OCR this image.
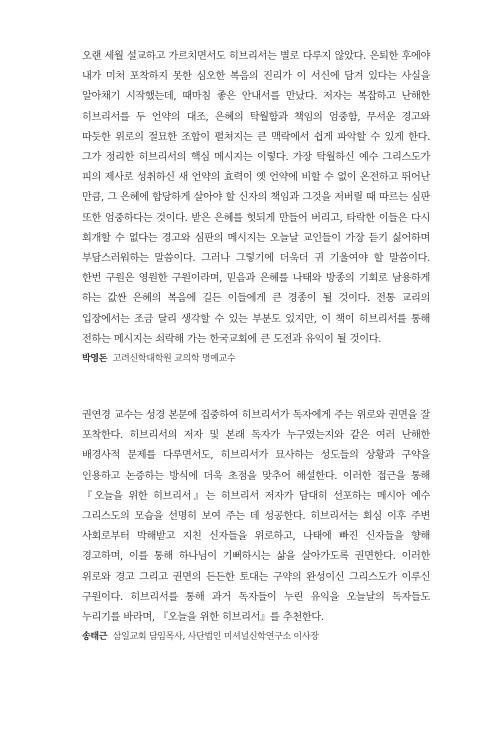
오랜 세월 설교하고 가르치면서도 히브리서는 별로 다루지 않았다. 은퇴한 후에야 내가 미처 포착하지 못한 심오한 복음의 진리가 이 서신에 담겨 있다는 사실을 알아채기 시작했는데, 때마침 좋은 안내서를 만났다. 저자는 복잡하고 난해한 히브리서를 두 언약의 대조, 은혜의 탁월함과 책임의 엄중함, 무서운 경고와 따듯한 위로의 절묘한 조합이 펼쳐지는 큰 맥락에서 쉽게 파악할 수 있게 한다. 그가 정리한 히브리서의 핵심 메시지는 이렇다. 가장 탁월하신 예수 그리스도가 피의 제사로 성취하신 새 언약의 효력이 옛 언약에 비할 수 없이 온전하고 뛰어난 만큼, 그 은혜에 합당하게 살아야 할 신자의 책임과 그것을 저버릴 때 따르는 심판 또한 엄중하다는 것이다. 받은 은혜를 헛되게 만들어 버리고, 타락한 이들은 다시 회개할 수 없다는 경고와 심판의 메시지는 오늘날 교인들이 가장 듣기 싫어하며 부담스러워하는 말씀이다. 그러나 그렇기에 더욱더 귀 기울여야 할 말씀이다. 한번 구원은 영원한 구원이라며, 믿음과 은혜를 나태와 방종의 기회로 남용하게 하는 값싼 은혜의 복음에 길든 이들에게 큰 경종이 될 것이다. 전통 교리의 입장에서는 조금 달리 생각할 수 있는 부분도 있지만, 이 책이 히브리서를 통해 전하는 메시지는 쇠락해 가는 한국교회에 큰 도전과 유익이 될 것이다.

박영돈 고려신학대학원 교의학 명예교수

권연경 교수는 성경 본문에 집중하여 히브리서가 독자에게 주는 위로와 권면을 잘 포착한다. 히브리서의 저자 및 본래 독자가 누구였는지와 같은 여러 난해한 배경사적 문제를 다루면서도, 히브리서가 묘사하는 성도들의 상황과 구약을 인용하고 논증하는 방식에 더욱 초점을 맞추어 해설한다. 이러한 접근을 통해 『오늘을 위한 히브리서』는 히브리서 저자가 담대히 선포하는 메시아 예수 그리스도의 모습을 선명히 보여 주는 데 성공한다. 히브리서는 회심 이후 주변 사회로부터 박해받고 지친 신자들을 위로하고, 나태에 빠진 신자들을 향해 경고하며, 이를 통해 하나님이 기뻐하시는 삶을 살아가도록 권면한다. 이러한 위로와 경고 그리고 권면의 든든한 토대는 구약의 완성이신 그리스도가 이루신 구원이다. 히브리서를 통해 과거 독자들이 누린 유익을 오늘날의 독자들도 누리기를 바라며, 『오늘을 위한 히브리서』를 추천한다.

송태근 삼일교회 담임목사, 사단법인 미셔널신학연구소 이사장
